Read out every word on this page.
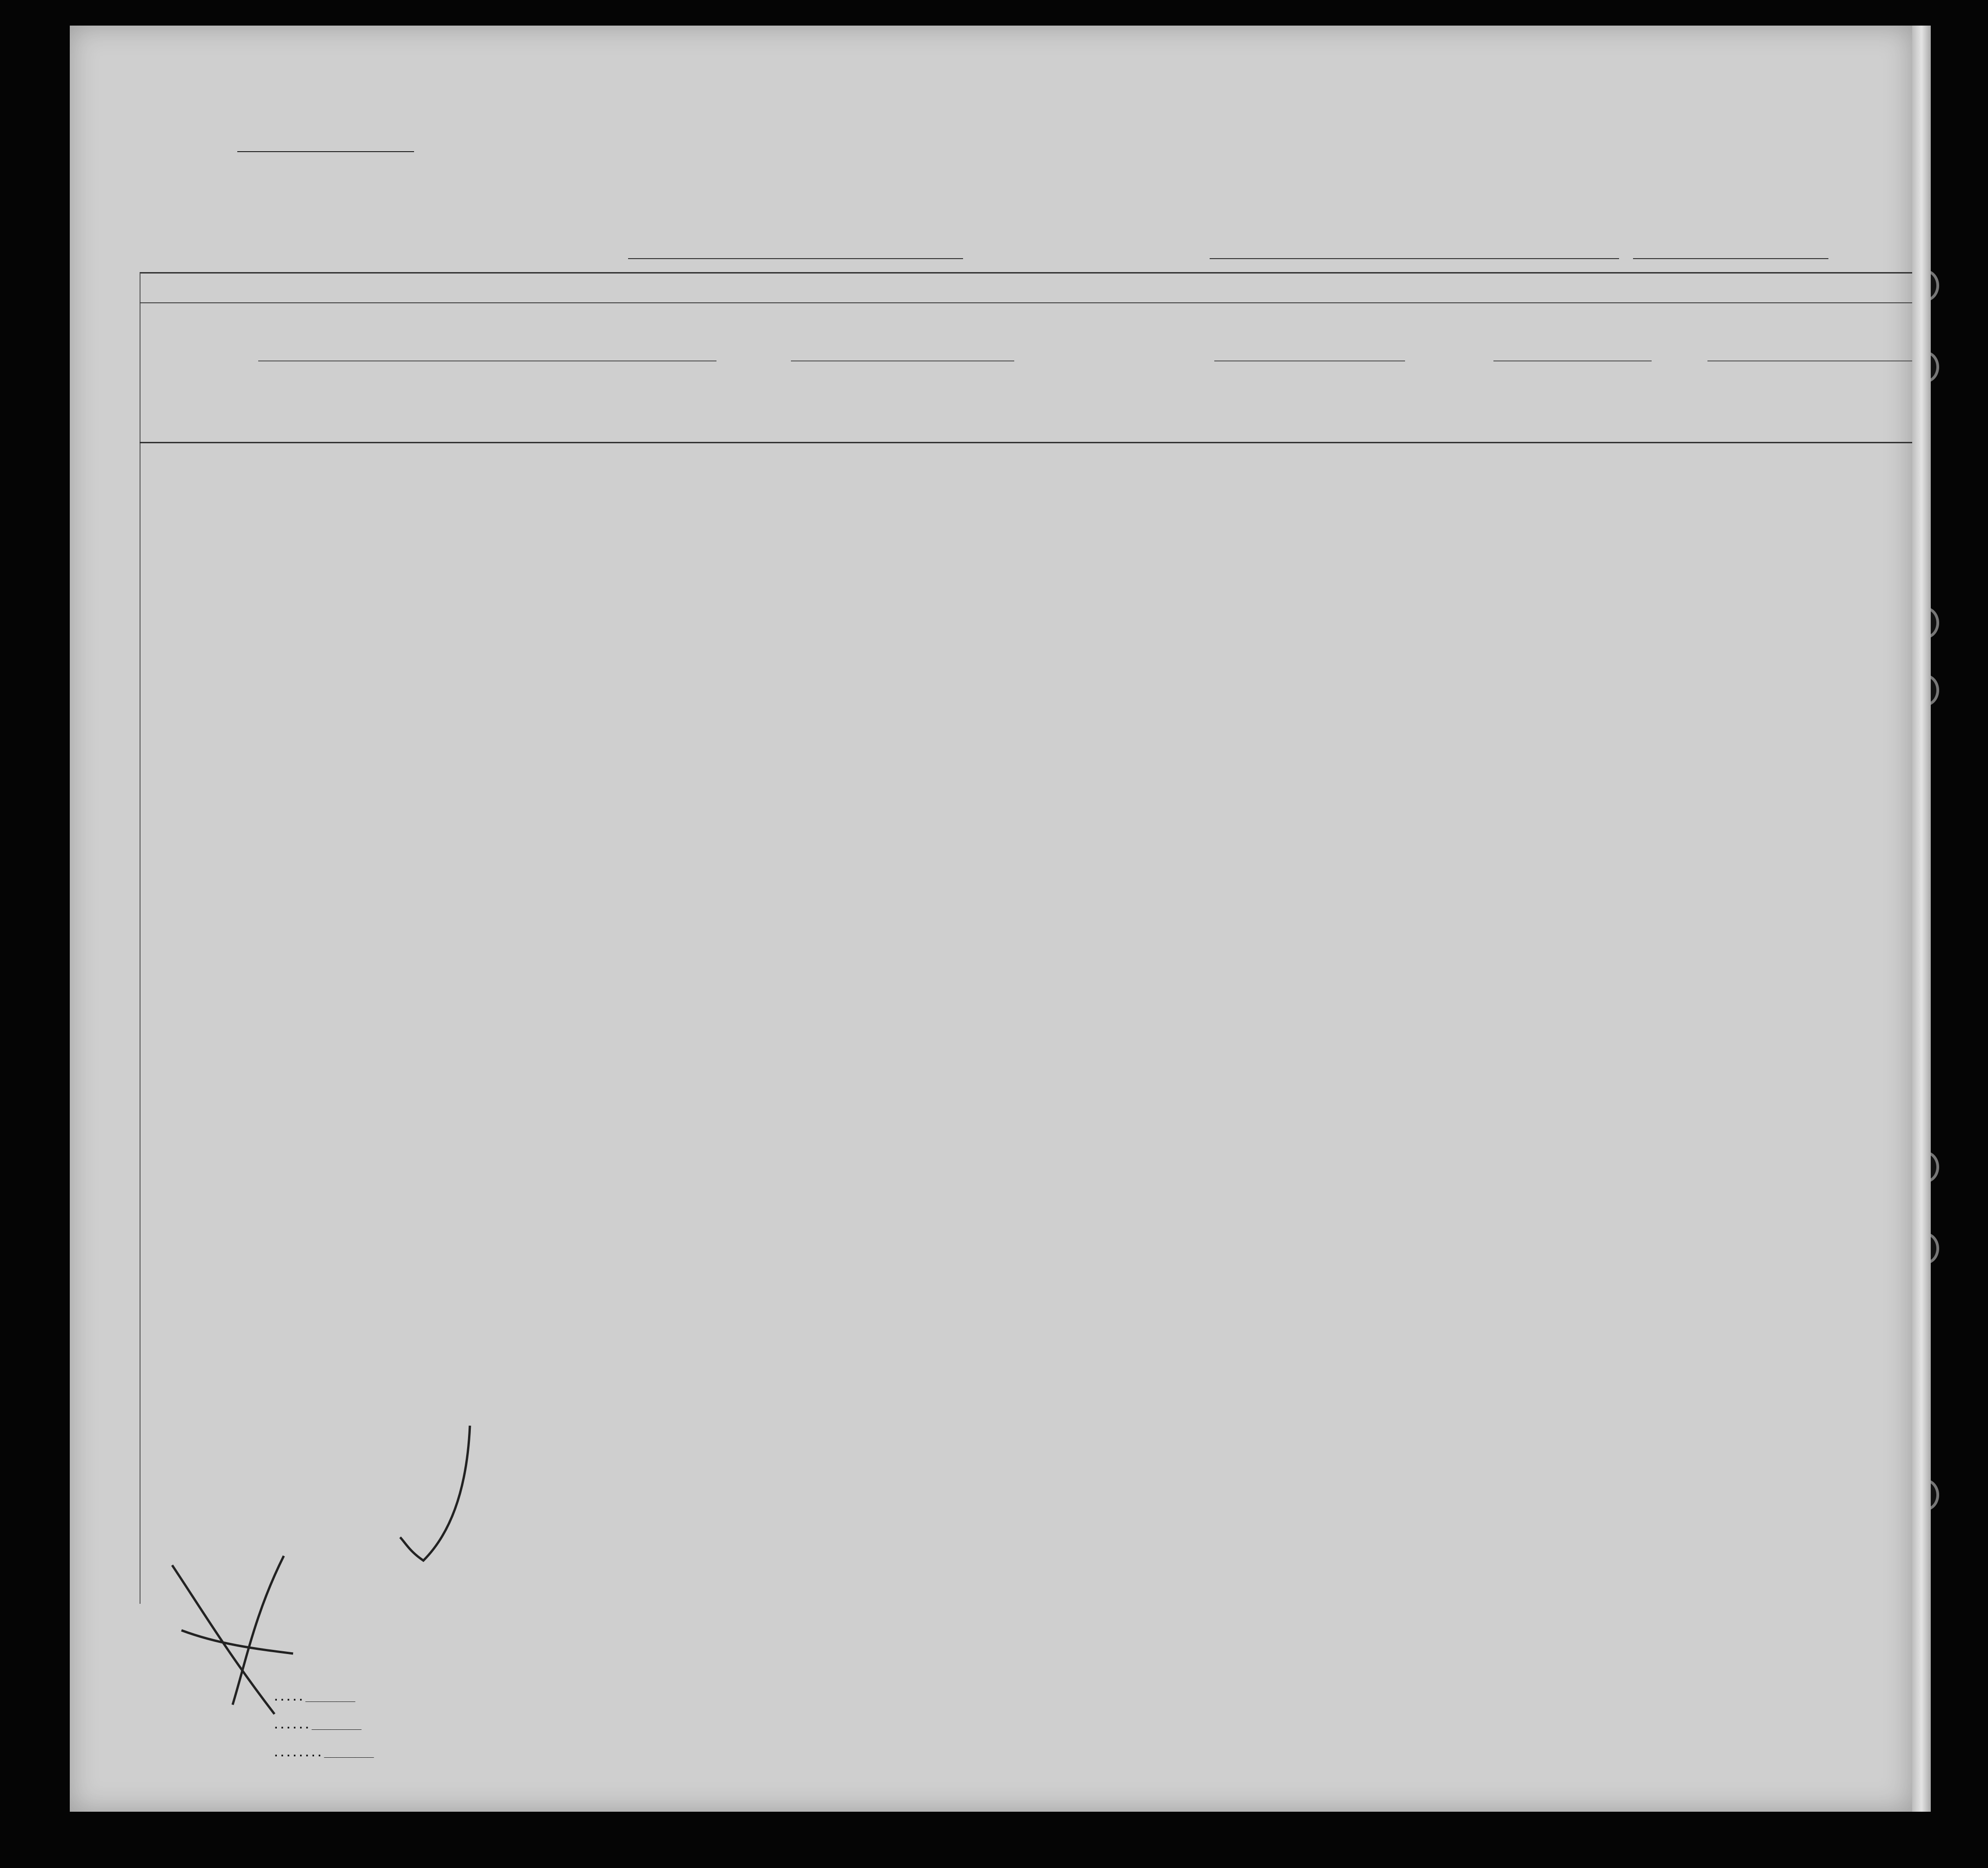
. . . . . ________
. . . . . . ________
. . . . . . . . ________
